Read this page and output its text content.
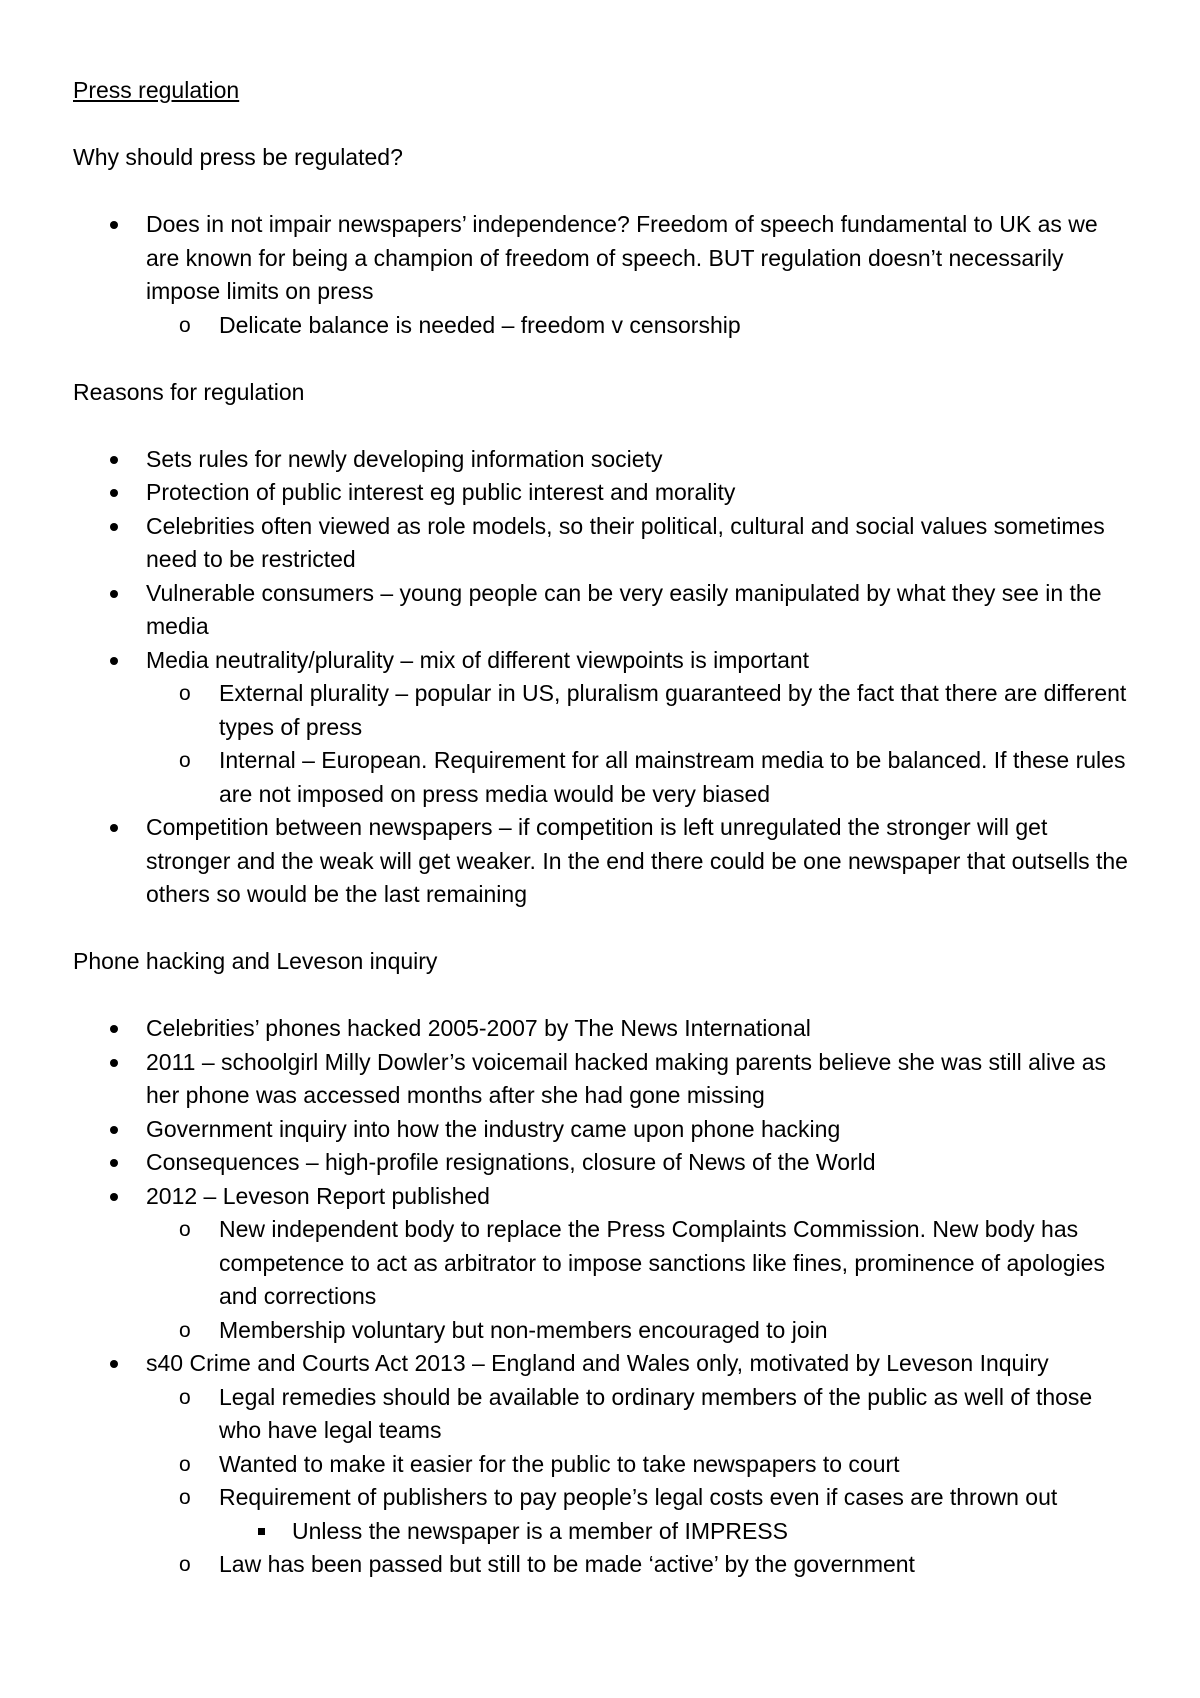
Press regulation
Why should press be regulated?
Does in not impair newspapers’ independence? Freedom of speech fundamental to UK as we are known for being a champion of freedom of speech. BUT regulation doesn’t necessarily impose limits on press
o Delicate balance is needed – freedom v censorship
Reasons for regulation
Sets rules for newly developing information society
Protection of public interest eg public interest and morality
Celebrities often viewed as role models, so their political, cultural and social values sometimes need to be restricted
Vulnerable consumers – young people can be very easily manipulated by what they see in the media
Media neutrality/plurality – mix of different viewpoints is important
o External plurality – popular in US, pluralism guaranteed by the fact that there are different types of press
o Internal – European. Requirement for all mainstream media to be balanced. If these rules are not imposed on press media would be very biased
Competition between newspapers – if competition is left unregulated the stronger will get stronger and the weak will get weaker. In the end there could be one newspaper that outsells the others so would be the last remaining
Phone hacking and Leveson inquiry
Celebrities’ phones hacked 2005-2007 by The News International
2011 – schoolgirl Milly Dowler’s voicemail hacked making parents believe she was still alive as her phone was accessed months after she had gone missing
Government inquiry into how the industry came upon phone hacking
Consequences – high-profile resignations, closure of News of the World
2012 – Leveson Report published
o New independent body to replace the Press Complaints Commission. New body has competence to act as arbitrator to impose sanctions like fines, prominence of apologies and corrections
o Membership voluntary but non-members encouraged to join
s40 Crime and Courts Act 2013 – England and Wales only, motivated by Leveson Inquiry
o Legal remedies should be available to ordinary members of the public as well of those who have legal teams
o Wanted to make it easier for the public to take newspapers to court
o Requirement of publishers to pay people’s legal costs even if cases are thrown out
Unless the newspaper is a member of IMPRESS
o Law has been passed but still to be made ‘active’ by the government
